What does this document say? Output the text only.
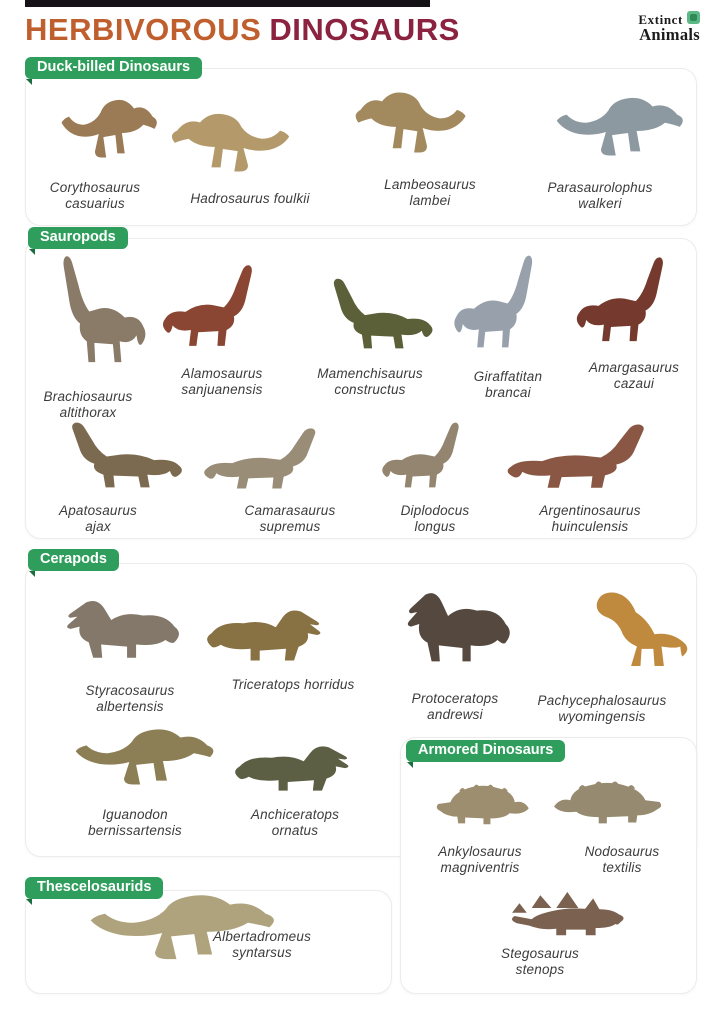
HERBIVOROUS DINOSAURS	Extinct
Animals
Duck-billed Dinosaurs
Sauropods
Cerapods
Armored Dinosaurs
Thescelosaurids
Corythosaurus
casuarius	Hadrosaurus foulkii
Lambeosaurus
lambei
Parasaurolophus
walkeri
Brachiosaurus
altithorax
Alamosaurus
sanjuanensis
Mamenchisaurus
constructus
Giraffatitan
brancai
Amargasaurus
cazaui
Apatosaurus
ajax
Camarasaurus
supremus
Diplodocus
longus
Argentinosaurus
huinculensis
Styracosaurus
albertensis
Triceratops horridus
Protoceratops
andrewsi
Pachycephalosaurus
wyomingensis
Iguanodon
bernissartensis
Anchiceratops
ornatus
Ankylosaurus
magniventris
Nodosaurus
textilis
Stegosaurus
stenops
Albertadromeus
syntarsus
